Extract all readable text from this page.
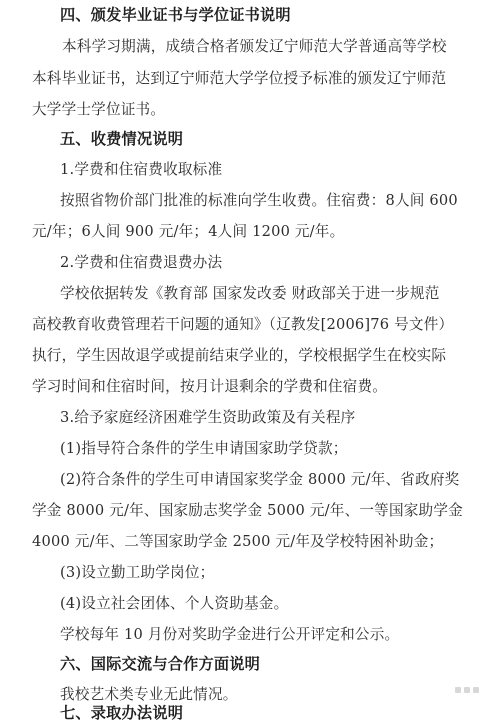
四、颁发毕业证书与学位证书说明
本科学习期满，成绩合格者颁发辽宁师范大学普通高等学校
本科毕业证书，达到辽宁师范大学学位授予标准的颁发辽宁师范
大学学士学位证书。
五、收费情况说明
1.学费和住宿费收取标准
按照省物价部门批准的标准向学生收费。住宿费：8人间 600
元/年；6人间 900 元/年；4人间 1200 元/年。
2.学费和住宿费退费办法
学校依据转发《教育部 国家发改委 财政部关于进一步规范
高校教育收费管理若干问题的通知》（辽教发[2006]76 号文件）
执行，学生因故退学或提前结束学业的，学校根据学生在校实际
学习时间和住宿时间，按月计退剩余的学费和住宿费。
3.给予家庭经济困难学生资助政策及有关程序
(1)指导符合条件的学生申请国家助学贷款；
(2)符合条件的学生可申请国家奖学金 8000 元/年、省政府奖
学金 8000 元/年、国家励志奖学金 5000 元/年、一等国家助学金
4000 元/年、二等国家助学金 2500 元/年及学校特困补助金；
(3)设立勤工助学岗位；
(4)设立社会团体、个人资助基金。
学校每年 10 月份对奖助学金进行公开评定和公示。
六、国际交流与合作方面说明
我校艺术类专业无此情况。
七、录取办法说明
